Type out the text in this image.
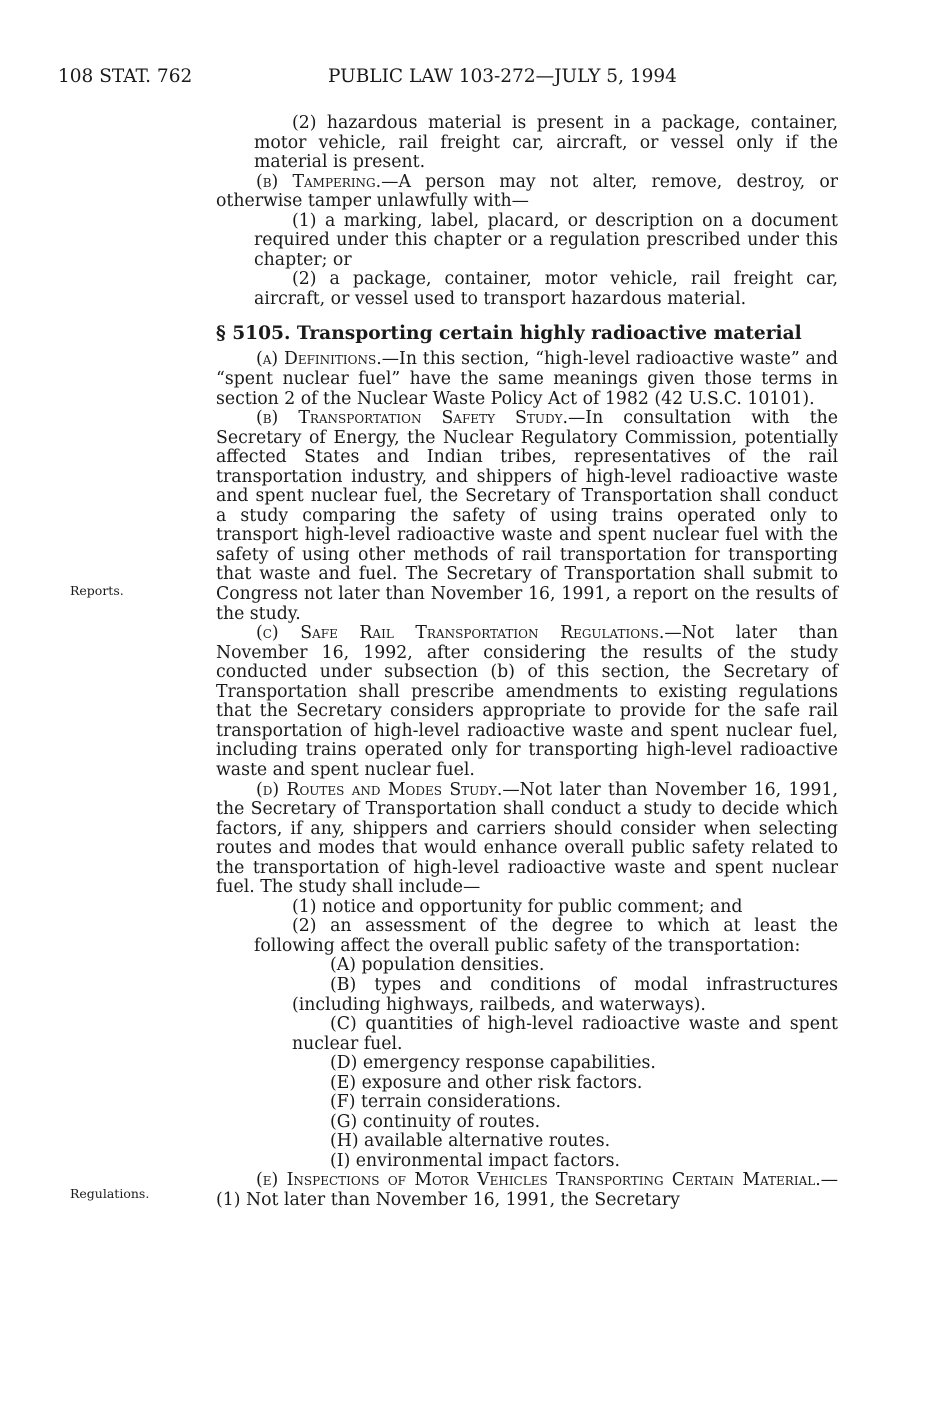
108 STAT. 762	PUBLIC LAW 103-272—JULY 5, 1994
Reports.
Regulations.

(2) hazardous material is present in a package, container, motor vehicle, rail freight car, aircraft, or vessel only if the material is present.

(b) Tampering.—A person may not alter, remove, destroy, or otherwise tamper unlawfully with—

(1) a marking, label, placard, or description on a document required under this chapter or a regulation prescribed under this chapter; or

(2) a package, container, motor vehicle, rail freight car, aircraft, or vessel used to transport hazardous material.

§ 5105. Transporting certain highly radioactive material

(a) Definitions.—In this section, “high-level radioactive waste” and “spent nuclear fuel” have the same meanings given those terms in section 2 of the Nuclear Waste Policy Act of 1982 (42 U.S.C. 10101).

(b) Transportation Safety Study.—In consultation with the Secretary of Energy, the Nuclear Regulatory Commission, potentially affected States and Indian tribes, representatives of the rail transportation industry, and shippers of high-level radioactive waste and spent nuclear fuel, the Secretary of Transportation shall conduct a study comparing the safety of using trains operated only to transport high-level radioactive waste and spent nuclear fuel with the safety of using other methods of rail transportation for transporting that waste and fuel. The Secretary of Transportation shall submit to Congress not later than November 16, 1991, a report on the results of the study.

(c) Safe Rail Transportation Regulations.—Not later than November 16, 1992, after considering the results of the study conducted under subsection (b) of this section, the Secretary of Transportation shall prescribe amendments to existing regulations that the Secretary considers appropriate to provide for the safe rail transportation of high-level radioactive waste and spent nuclear fuel, including trains operated only for transporting high-level radioactive waste and spent nuclear fuel.

(d) Routes and Modes Study.—Not later than November 16, 1991, the Secretary of Transportation shall conduct a study to decide which factors, if any, shippers and carriers should consider when selecting routes and modes that would enhance overall public safety related to the transportation of high-level radioactive waste and spent nuclear fuel. The study shall include—

(1) notice and opportunity for public comment; and

(2) an assessment of the degree to which at least the following affect the overall public safety of the transportation:

(A) population densities.

(B) types and conditions of modal infrastructures (including highways, railbeds, and waterways).

(C) quantities of high-level radioactive waste and spent nuclear fuel.

(D) emergency response capabilities.

(E) exposure and other risk factors.

(F) terrain considerations.

(G) continuity of routes.

(H) available alternative routes.

(I) environmental impact factors.

(e) Inspections of Motor Vehicles Transporting Certain Material.—(1) Not later than November 16, 1991, the Secretary
